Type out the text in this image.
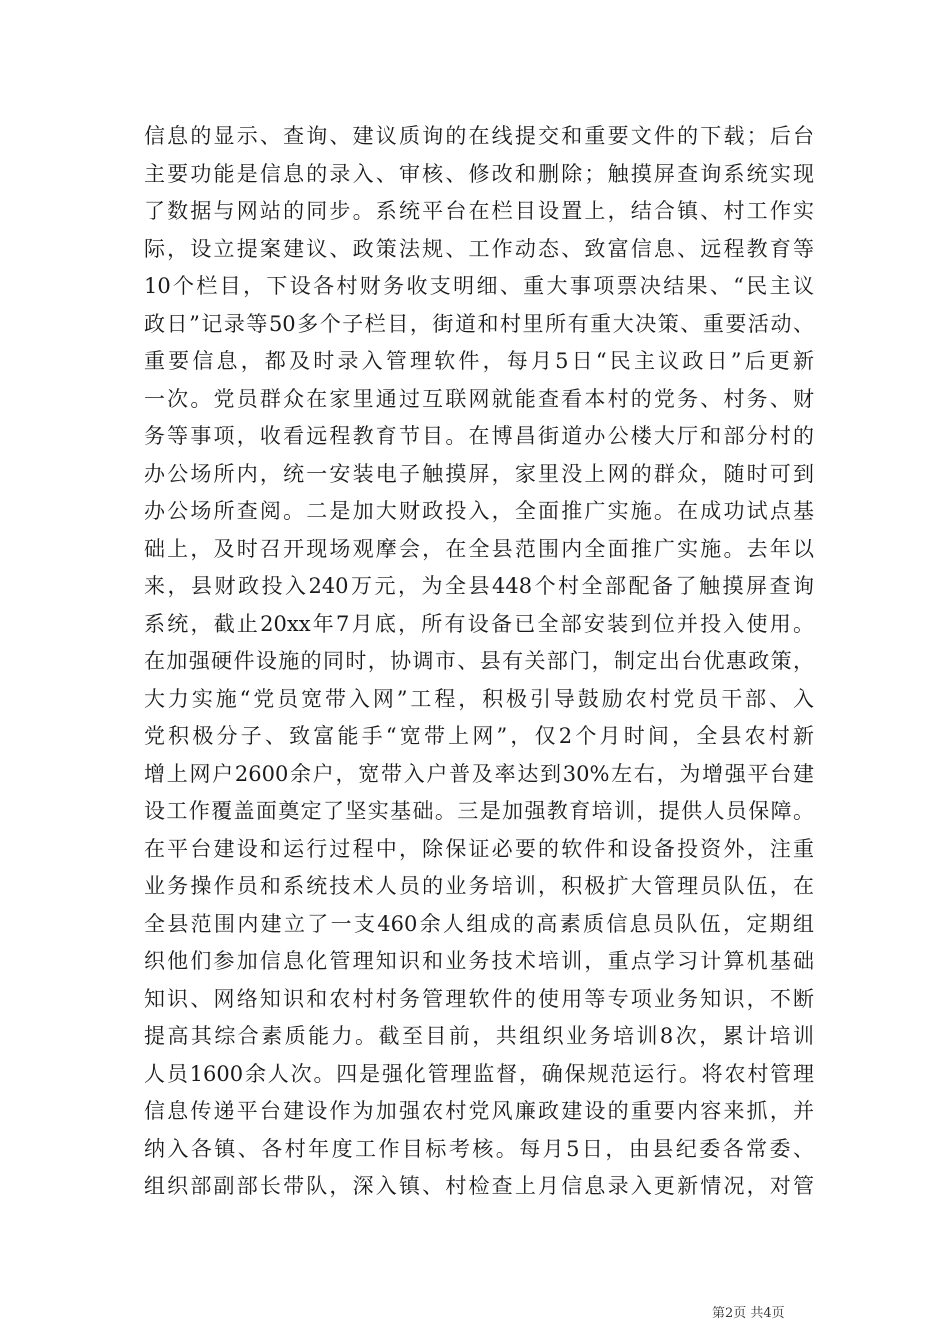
信息的显示、查询、建议质询的在线提交和重要文件的下载；后台
主要功能是信息的录入、审核、修改和删除；触摸屏查询系统实现
了数据与网站的同步。系统平台在栏目设置上，结合镇、村工作实
际，设立提案建议、政策法规、工作动态、致富信息、远程教育等
10个栏目，下设各村财务收支明细、重大事项票决结果、“民主议
政日”记录等50多个子栏目，街道和村里所有重大决策、重要活动、
重要信息，都及时录入管理软件，每月5日“民主议政日”后更新
一次。党员群众在家里通过互联网就能查看本村的党务、村务、财
务等事项，收看远程教育节目。在博昌街道办公楼大厅和部分村的
办公场所内，统一安装电子触摸屏，家里没上网的群众，随时可到
办公场所查阅。二是加大财政投入，全面推广实施。在成功试点基
础上，及时召开现场观摩会，在全县范围内全面推广实施。去年以
来，县财政投入240万元，为全县448个村全部配备了触摸屏查询
系统，截止20xx年7月底，所有设备已全部安装到位并投入使用。
在加强硬件设施的同时，协调市、县有关部门，制定出台优惠政策，
大力实施“党员宽带入网”工程，积极引导鼓励农村党员干部、入
党积极分子、致富能手“宽带上网”，仅2个月时间，全县农村新
增上网户2600余户，宽带入户普及率达到30%左右，为增强平台建
设工作覆盖面奠定了坚实基础。三是加强教育培训，提供人员保障。
在平台建设和运行过程中，除保证必要的软件和设备投资外，注重
业务操作员和系统技术人员的业务培训，积极扩大管理员队伍，在
全县范围内建立了一支460余人组成的高素质信息员队伍，定期组
织他们参加信息化管理知识和业务技术培训，重点学习计算机基础
知识、网络知识和农村村务管理软件的使用等专项业务知识，不断
提高其综合素质能力。截至目前，共组织业务培训8次，累计培训
人员1600余人次。四是强化管理监督，确保规范运行。将农村管理
信息传递平台建设作为加强农村党风廉政建设的重要内容来抓，并
纳入各镇、各村年度工作目标考核。每月5日，由县纪委各常委、
组织部副部长带队，深入镇、村检查上月信息录入更新情况，对管
第2页 共4页
